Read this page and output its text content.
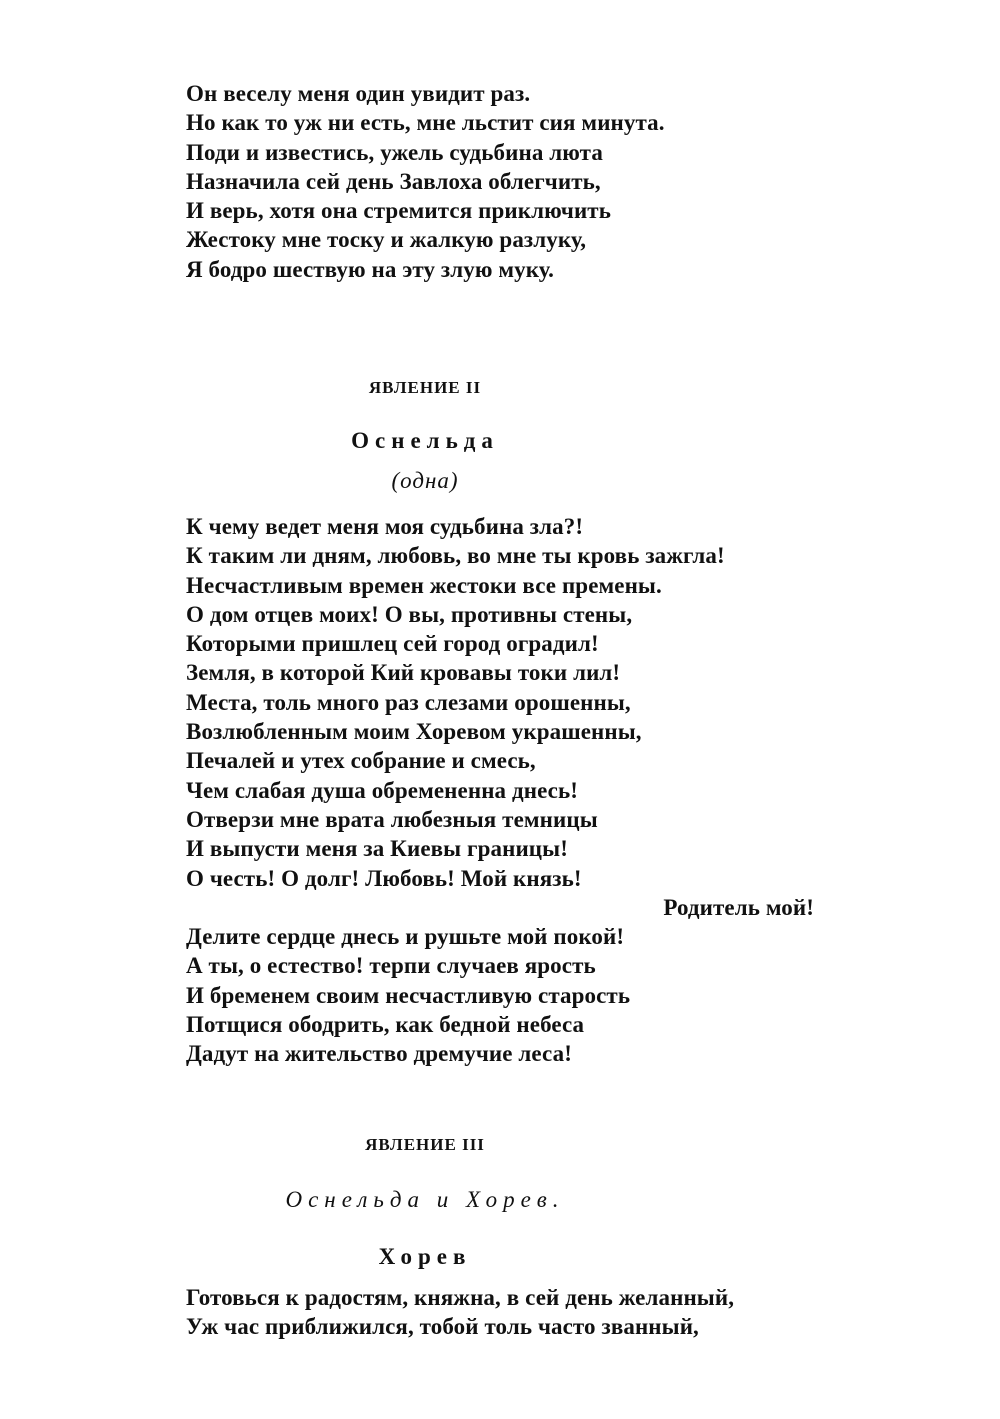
Он веселу меня один увидит раз.
Но как то уж ни есть, мне льстит сия минута.
Поди и известись, ужель судьбина люта
Назначила сей день Завлоха облегчить,
И верь, хотя она стремится приключить
Жестоку мне тоску и жалкую разлуку,
Я бодро шествую на эту злую муку.
ЯВЛЕНИЕ II
Оснельда
(одна)
К чему ведет меня моя судьбина зла?!
К таким ли дням, любовь, во мне ты кровь зажгла!
Несчастливым времен жестоки все премены.
О дом отцев моих! О вы, противны стены,
Которыми пришлец сей город оградил!
Земля, в которой Кий кровавы токи лил!
Места, толь много раз слезами орошенны,
Возлюбленным моим Хоревом украшенны,
Печалей и утех собрание и смесь,
Чем слабая душа обремененна днесь!
Отверзи мне врата любезныя темницы
И выпусти меня за Киевы границы!
О честь! О долг! Любовь! Мой князь!
Родитель мой!
Делите сердце днесь и рушьте мой покой!
А ты, о естество! терпи случаев ярость
И бременем своим несчастливую старость
Потщися ободрить, как бедной небеса
Дадут на жительство дремучие леса!
ЯВЛЕНИЕ III
Оснельда и Хорев.
Хорев
Готовься к радостям, княжна, в сей день желанный,
Уж час приближился, тобой толь часто званный,
